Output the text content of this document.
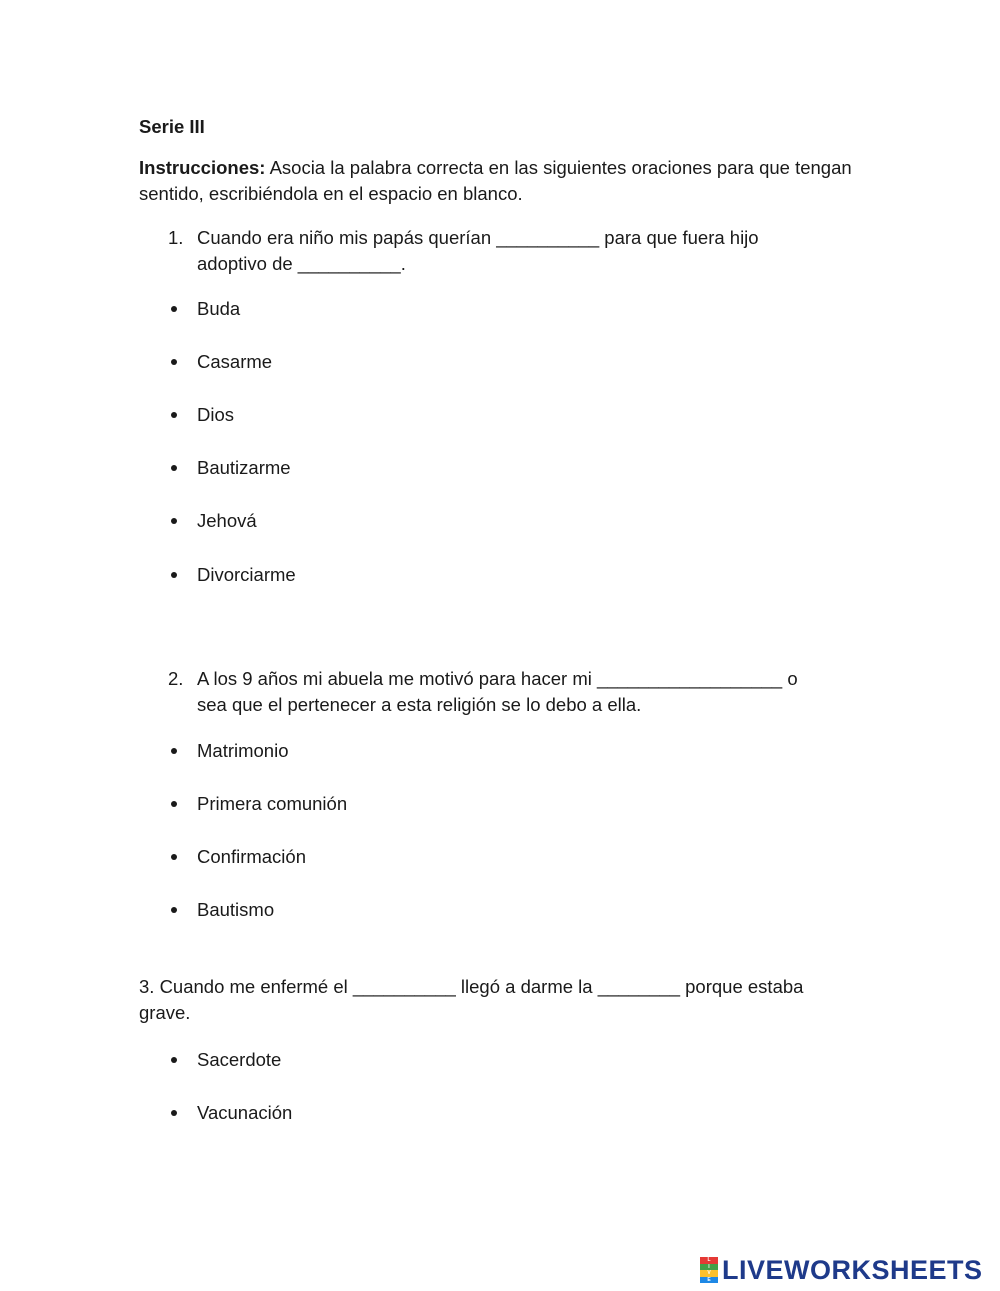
Serie III
Instrucciones: Asocia la palabra correcta en las siguientes oraciones para que tengan sentido, escribiéndola en el espacio en blanco.
1. Cuando era niño mis papás querían __________ para que fuera hijo
adoptivo de __________.
Buda
Casarme
Dios
Bautizarme
Jehová
Divorciarme
2. A los 9 años mi abuela me motivó para hacer mi __________________ o
sea que el pertenecer a esta religión se lo debo a ella.
Matrimonio
Primera comunión
Confirmación
Bautismo
3. Cuando me enfermé el __________ llegó a darme la ________ porque estaba
grave.
Sacerdote
Vacunación
L
I
V
E LIVEWORKSHEETS
